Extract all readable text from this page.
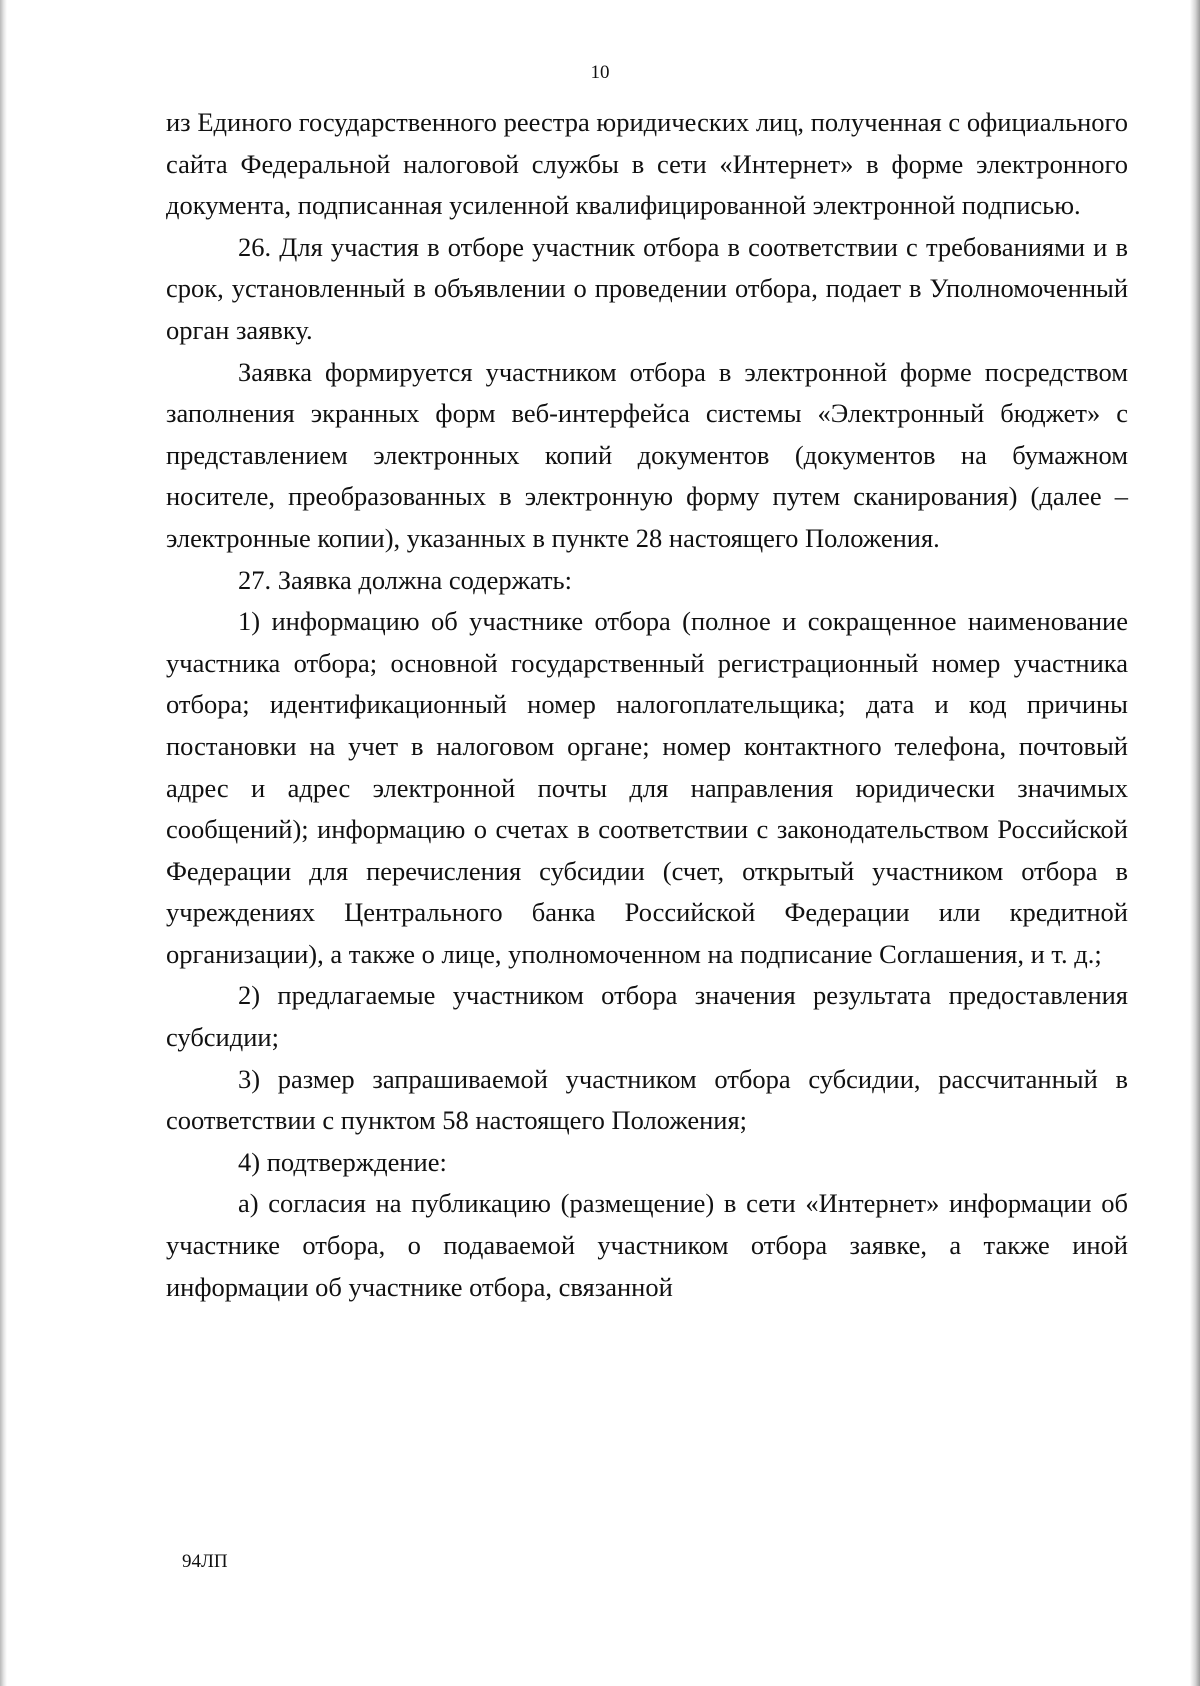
10

из Единого государственного реестра юридических лиц, полученная с официального сайта Федеральной налоговой службы в сети «Интернет» в форме электронного документа, подписанная усиленной квалифицированной электронной подписью.

26. Для участия в отборе участник отбора в соответствии с требованиями и в срок, установленный в объявлении о проведении отбора, подает в Уполномоченный орган заявку.

Заявка формируется участником отбора в электронной форме посредством заполнения экранных форм веб-интерфейса системы «Электронный бюджет» с представлением электронных копий документов (документов на бумажном носителе, преобразованных в электронную форму путем сканирования) (далее – электронные копии), указанных в пункте 28 настоящего Положения.

27. Заявка должна содержать:

1) информацию об участнике отбора (полное и сокращенное наименование участника отбора; основной государственный регистрационный номер участника отбора; идентификационный номер налогоплательщика; дата и код причины постановки на учет в налоговом органе; номер контактного телефона, почтовый адрес и адрес электронной почты для направления юридически значимых сообщений); информацию о счетах в соответствии с законодательством Российской Федерации для перечисления субсидии (счет, открытый участником отбора в учреждениях Центрального банка Российской Федерации или кредитной организации), а также о лице, уполномоченном на подписание Соглашения, и т. д.;

2) предлагаемые участником отбора значения результата предоставления субсидии;

3) размер запрашиваемой участником отбора субсидии, рассчитанный в соответствии с пунктом 58 настоящего Положения;

4) подтверждение:

а) согласия на публикацию (размещение) в сети «Интернет» информации об участнике отбора, о подаваемой участником отбора заявке, а также иной информации об участнике отбора, связанной

94ЛП
